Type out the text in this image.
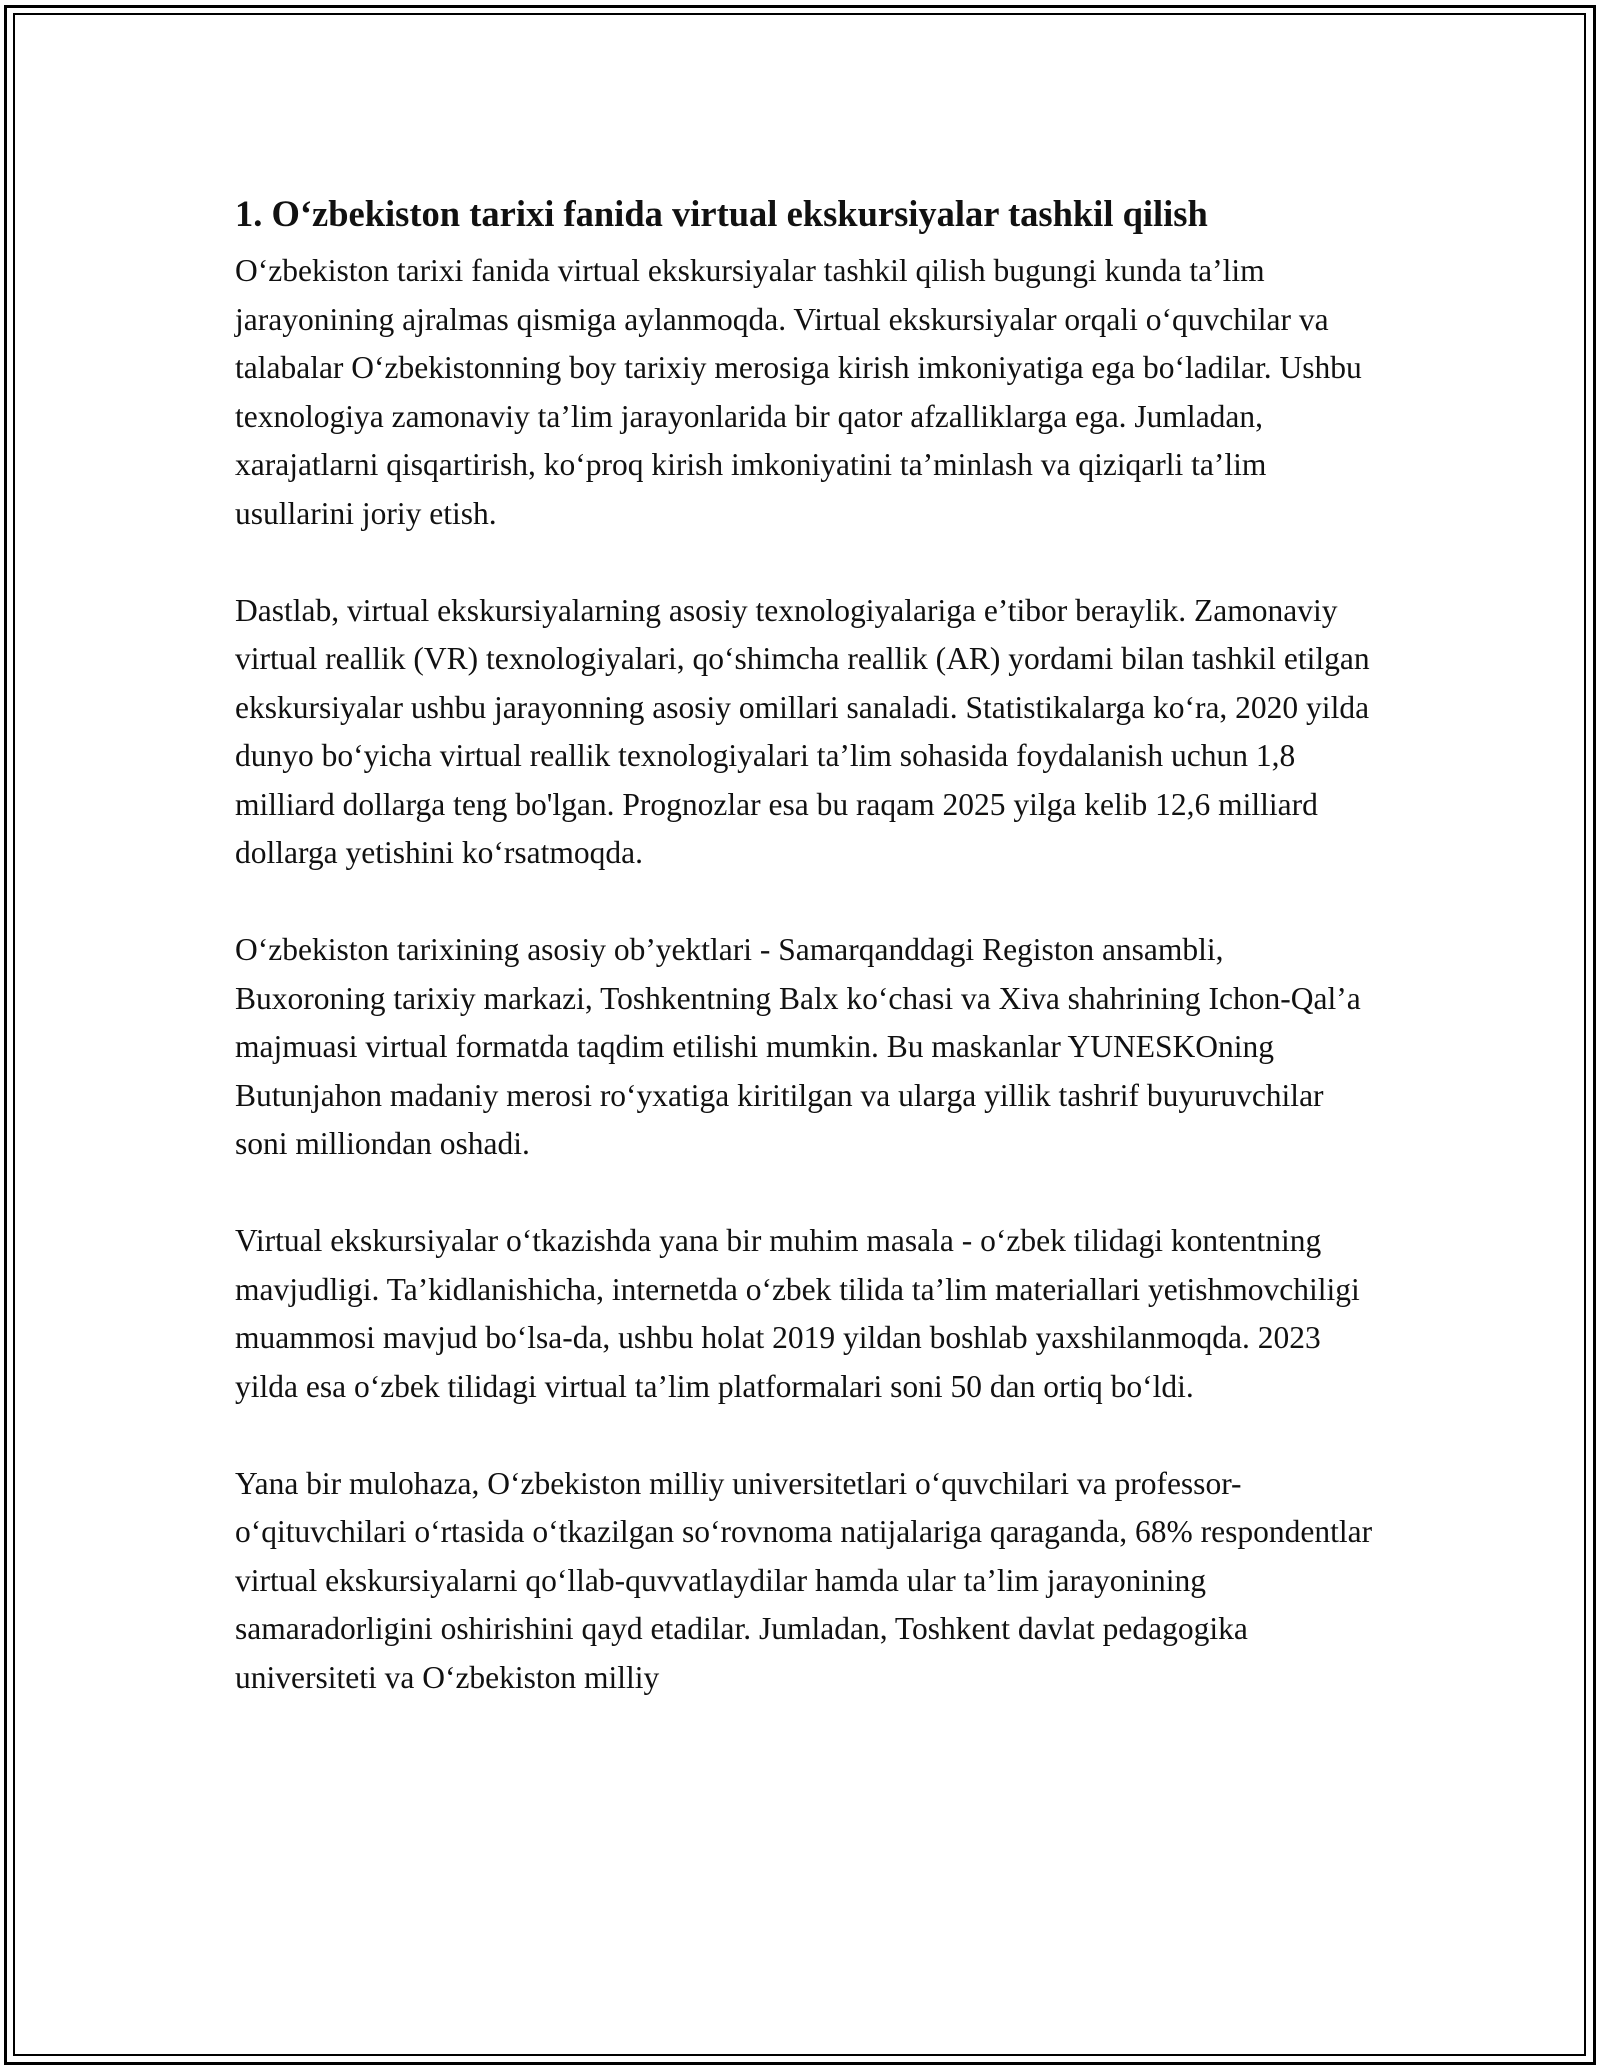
1. O‘zbekiston tarixi fanida virtual ekskursiyalar tashkil qilish

O‘zbekiston tarixi fanida virtual ekskursiyalar tashkil qilish bugungi kunda ta’lim jarayonining ajralmas qismiga aylanmoqda. Virtual ekskursiyalar orqali o‘quvchilar va talabalar O‘zbekistonning boy tarixiy merosiga kirish imkoniyatiga ega bo‘ladilar. Ushbu texnologiya zamonaviy ta’lim jarayonlarida bir qator afzalliklarga ega. Jumladan, xarajatlarni qisqartirish, ko‘proq kirish imkoniyatini ta’minlash va qiziqarli ta’lim usullarini joriy etish.

Dastlab, virtual ekskursiyalarning asosiy texnologiyalariga e’tibor beraylik. Zamonaviy virtual reallik (VR) texnologiyalari, qo‘shimcha reallik (AR) yordami bilan tashkil etilgan ekskursiyalar ushbu jarayonning asosiy omillari sanaladi. Statistikalarga ko‘ra, 2020 yilda dunyo bo‘yicha virtual reallik texnologiyalari ta’lim sohasida foydalanish uchun 1,8 milliard dollarga teng bo'lgan. Prognozlar esa bu raqam 2025 yilga kelib 12,6 milliard dollarga yetishini ko‘rsatmoqda.

O‘zbekiston tarixining asosiy ob’yektlari - Samarqanddagi Registon ansambli, Buxoroning tarixiy markazi, Toshkentning Balx ko‘chasi va Xiva shahrining Ichon-Qal’a majmuasi virtual formatda taqdim etilishi mumkin. Bu maskanlar YUNESKOning Butunjahon madaniy merosi ro‘yxatiga kiritilgan va ularga yillik tashrif buyuruvchilar soni milliondan oshadi.

Virtual ekskursiyalar o‘tkazishda yana bir muhim masala - o‘zbek tilidagi kontentning mavjudligi. Ta’kidlanishicha, internetda o‘zbek tilida ta’lim materiallari yetishmovchiligi muammosi mavjud bo‘lsa-da, ushbu holat 2019 yildan boshlab yaxshilanmoqda. 2023 yilda esa o‘zbek tilidagi virtual ta’lim platformalari soni 50 dan ortiq bo‘ldi.

Yana bir mulohaza, O‘zbekiston milliy universitetlari o‘quvchilari va professor-o‘qituvchilari o‘rtasida o‘tkazilgan so‘rovnoma natijalariga qaraganda, 68% respondentlar virtual ekskursiyalarni qo‘llab-quvvatlaydilar hamda ular ta’lim jarayonining samaradorligini oshirishini qayd etadilar. Jumladan, Toshkent davlat pedagogika universiteti va O‘zbekiston milliy
